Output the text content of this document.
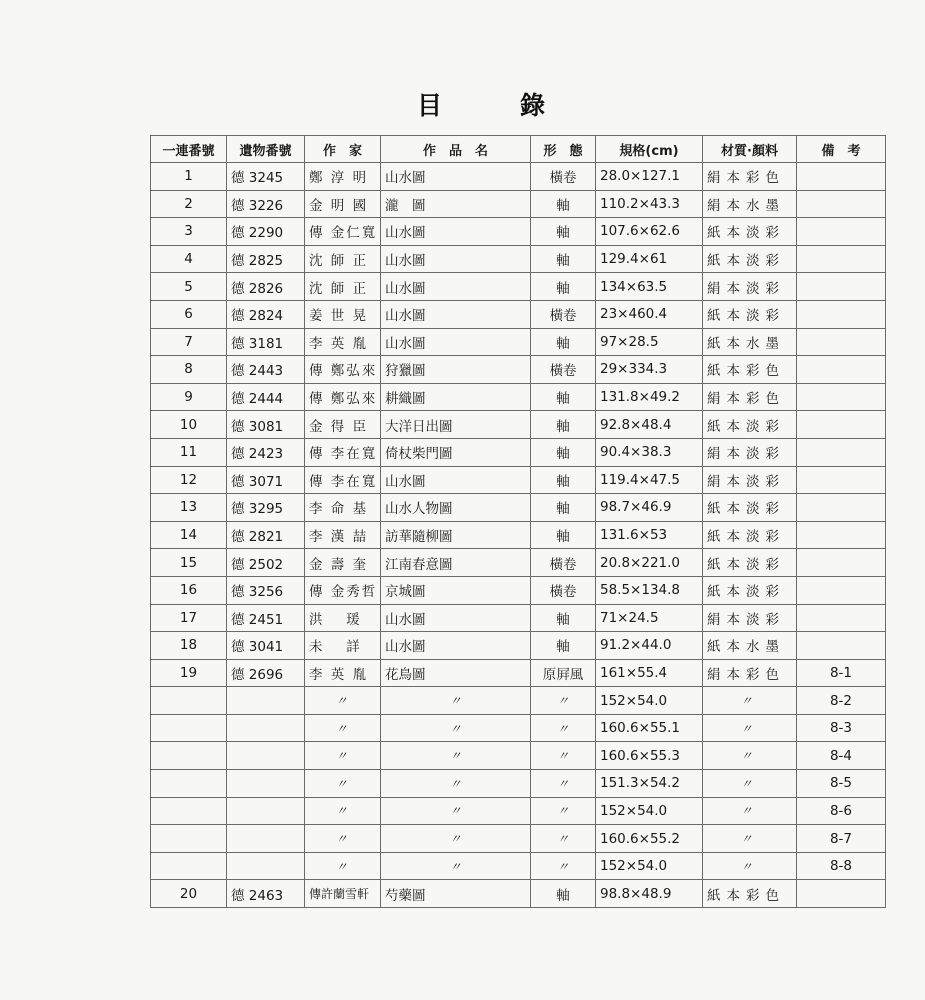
目錄
一連番號	遺物番號	作　家	作　品　名	形　態	規格(cm)	材質·顏料	備　考
1	德 3245	鄭 淳 明	山水圖	橫卷	28.0×127.1	絹本彩色	
2	德 3226	金 明 國	瀧　圖	軸	110.2×43.3	絹本水墨	
3	德 2290	傳 金仁寬	山水圖	軸	107.6×62.6	紙本淡彩	
4	德 2825	沈 師 正	山水圖	軸	129.4×61	紙本淡彩	
5	德 2826	沈 師 正	山水圖	軸	134×63.5	絹本淡彩	
6	德 2824	姜 世 晃	山水圖	橫卷	23×460.4	紙本淡彩	
7	德 3181	李 英 胤	山水圖	軸	97×28.5	紙本水墨	
8	德 2443	傳 鄭弘來	狩獵圖	橫卷	29×334.3	紙本彩色	
9	德 2444	傳 鄭弘來	耕織圖	軸	131.8×49.2	絹本彩色	
10	德 3081	金 得 臣	大洋日出圖	軸	92.8×48.4	紙本淡彩	
11	德 2423	傳 李在寬	倚杖柴門圖	軸	90.4×38.3	絹本淡彩	
12	德 3071	傳 李在寬	山水圖	軸	119.4×47.5	絹本淡彩	
13	德 3295	李 命 基	山水人物圖	軸	98.7×46.9	紙本淡彩	
14	德 2821	李 漢 喆	訪華隨柳圖	軸	131.6×53	紙本淡彩	
15	德 2502	金 壽 奎	江南春意圖	橫卷	20.8×221.0	紙本淡彩	
16	德 3256	傳 金秀哲	京城圖	橫卷	58.5×134.8	紙本淡彩	
17	德 2451	洪　 瑗	山水圖	軸	71×24.5	絹本淡彩	
18	德 3041	未　 詳	山水圖	軸	91.2×44.0	紙本水墨	
19	德 2696	李 英 胤	花鳥圖	原屛風	161×55.4	絹本彩色	8-1
		〃	〃	〃	152×54.0	〃	8-2
		〃	〃	〃	160.6×55.1	〃	8-3
		〃	〃	〃	160.6×55.3	〃	8-4
		〃	〃	〃	151.3×54.2	〃	8-5
		〃	〃	〃	152×54.0	〃	8-6
		〃	〃	〃	160.6×55.2	〃	8-7
		〃	〃	〃	152×54.0	〃	8-8
20	德 2463	傳許蘭雪軒	芍藥圖	軸	98.8×48.9	紙本彩色	
